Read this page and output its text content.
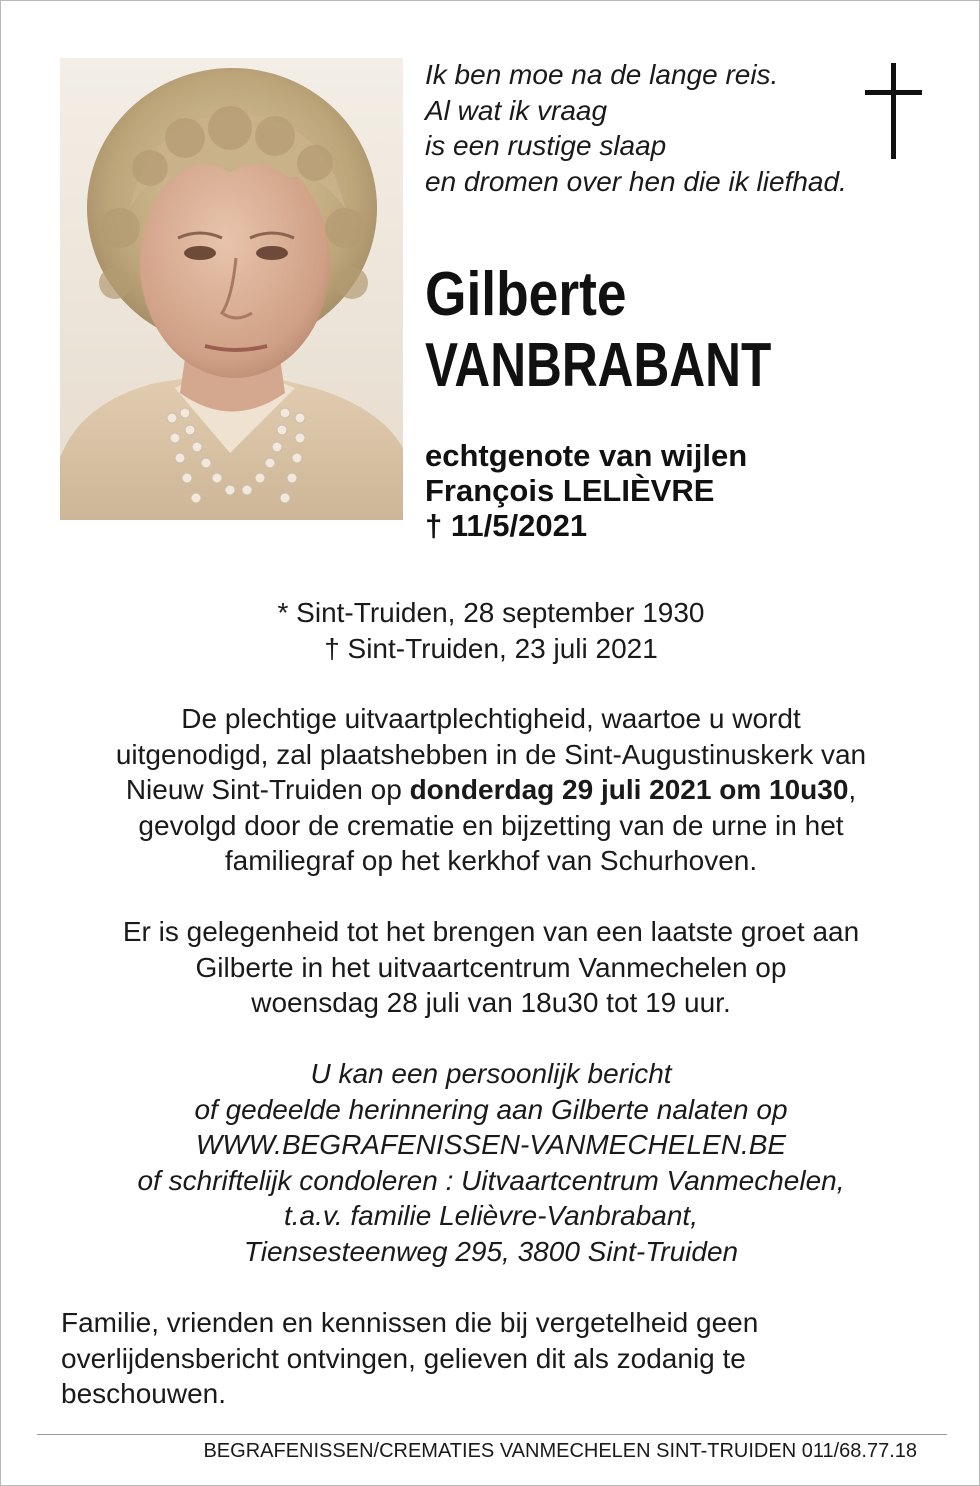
Ik ben moe na de lange reis.
Al wat ik vraag
is een rustige slaap
en dromen over hen die ik liefhad.
Gilberte
VANBRABANT
echtgenote van wijlen
François LELIÈVRE
† 11/5/2021
* Sint-Truiden, 28 september 1930
† Sint-Truiden, 23 juli 2021
De plechtige uitvaartplechtigheid, waartoe u wordt
uitgenodigd, zal plaatshebben in de Sint-Augustinuskerk van
Nieuw Sint-Truiden op donderdag 29 juli 2021 om 10u30,
gevolgd door de crematie en bijzetting van de urne in het
familiegraf op het kerkhof van Schurhoven.
Er is gelegenheid tot het brengen van een laatste groet aan
Gilberte in het uitvaartcentrum Vanmechelen op
woensdag 28 juli van 18u30 tot 19 uur.
U kan een persoonlijk bericht
of gedeelde herinnering aan Gilberte nalaten op
WWW.BEGRAFENISSEN-VANMECHELEN.BE
of schriftelijk condoleren : Uitvaartcentrum Vanmechelen,
t.a.v. familie Lelièvre-Vanbrabant,
Tiensesteenweg 295, 3800 Sint-Truiden
Familie, vrienden en kennissen die bij vergetelheid geen
overlijdensbericht ontvingen, gelieven dit als zodanig te
beschouwen.
BEGRAFENISSEN/CREMATIES VANMECHELEN SINT-TRUIDEN 011/68.77.18
